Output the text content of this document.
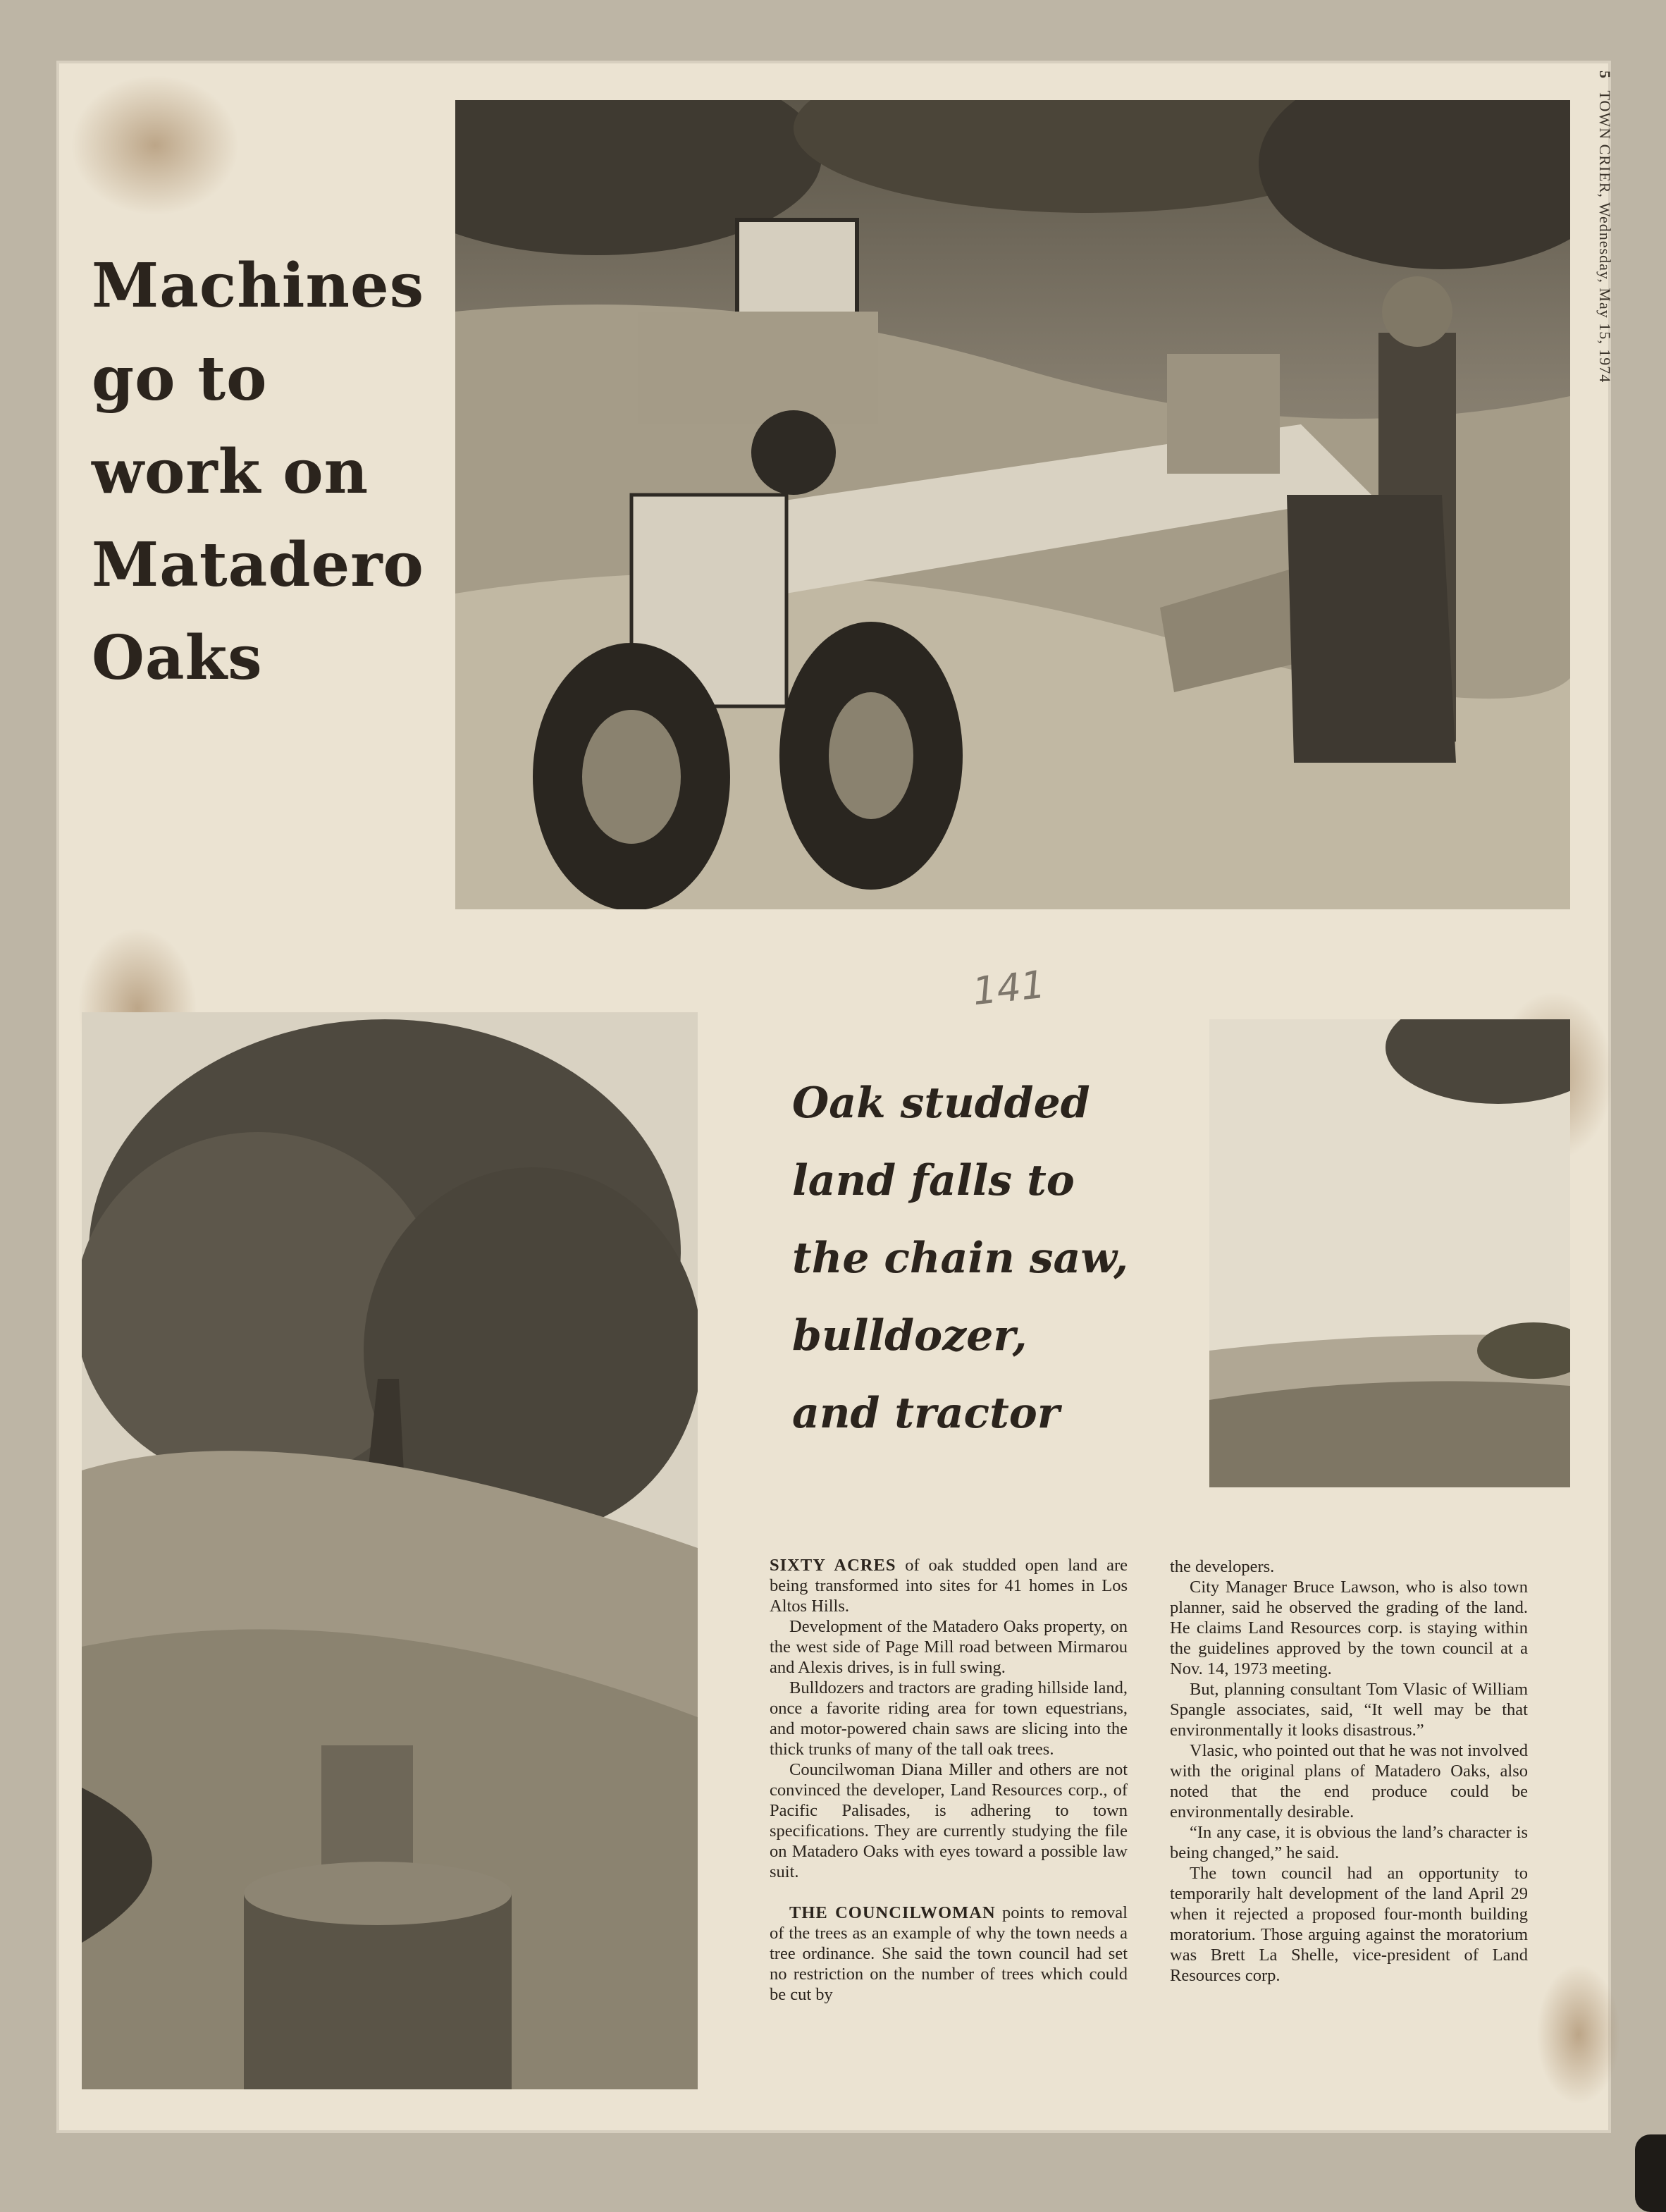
5 TOWN CRIER, Wednesday, May 15, 1974
Machines
go to
work on
Matadero
Oaks
141
Oak studded
land falls to
the chain saw,
bulldozer,
and tractor

SIXTY ACRES of oak studded open land are being transformed into sites for 41 homes in Los Altos Hills.

Development of the Matadero Oaks property, on the west side of Page Mill road between Mirmarou and Alexis drives, is in full swing.

Bulldozers and tractors are grading hillside land, once a favorite riding area for town equestrians, and motor-powered chain saws are slicing into the thick trunks of many of the tall oak trees.

Councilwoman Diana Miller and others are not convinced the developer, Land Resources corp., of Pacific Palisades, is adhering to town specifications. They are currently studying the file on Matadero Oaks with eyes toward a possible law suit.

THE COUNCILWOMAN points to removal of the trees as an example of why the town needs a tree ordinance. She said the town council had set no restriction on the number of trees which could be cut by

the developers.

City Manager Bruce Lawson, who is also town planner, said he observed the grading of the land. He claims Land Resources corp. is staying within the guidelines approved by the town council at a Nov. 14, 1973 meeting.

But, planning consultant Tom Vlasic of William Spangle associates, said, “It well may be that environmentally it looks disastrous.”

Vlasic, who pointed out that he was not involved with the original plans of Matadero Oaks, also noted that the end produce could be environmentally desirable.

“In any case, it is obvious the land’s character is being changed,” he said.

The town council had an opportunity to temporarily halt development of the land April 29 when it rejected a proposed four-month building moratorium. Those arguing against the moratorium was Brett La Shelle, vice-president of Land Resources corp.
